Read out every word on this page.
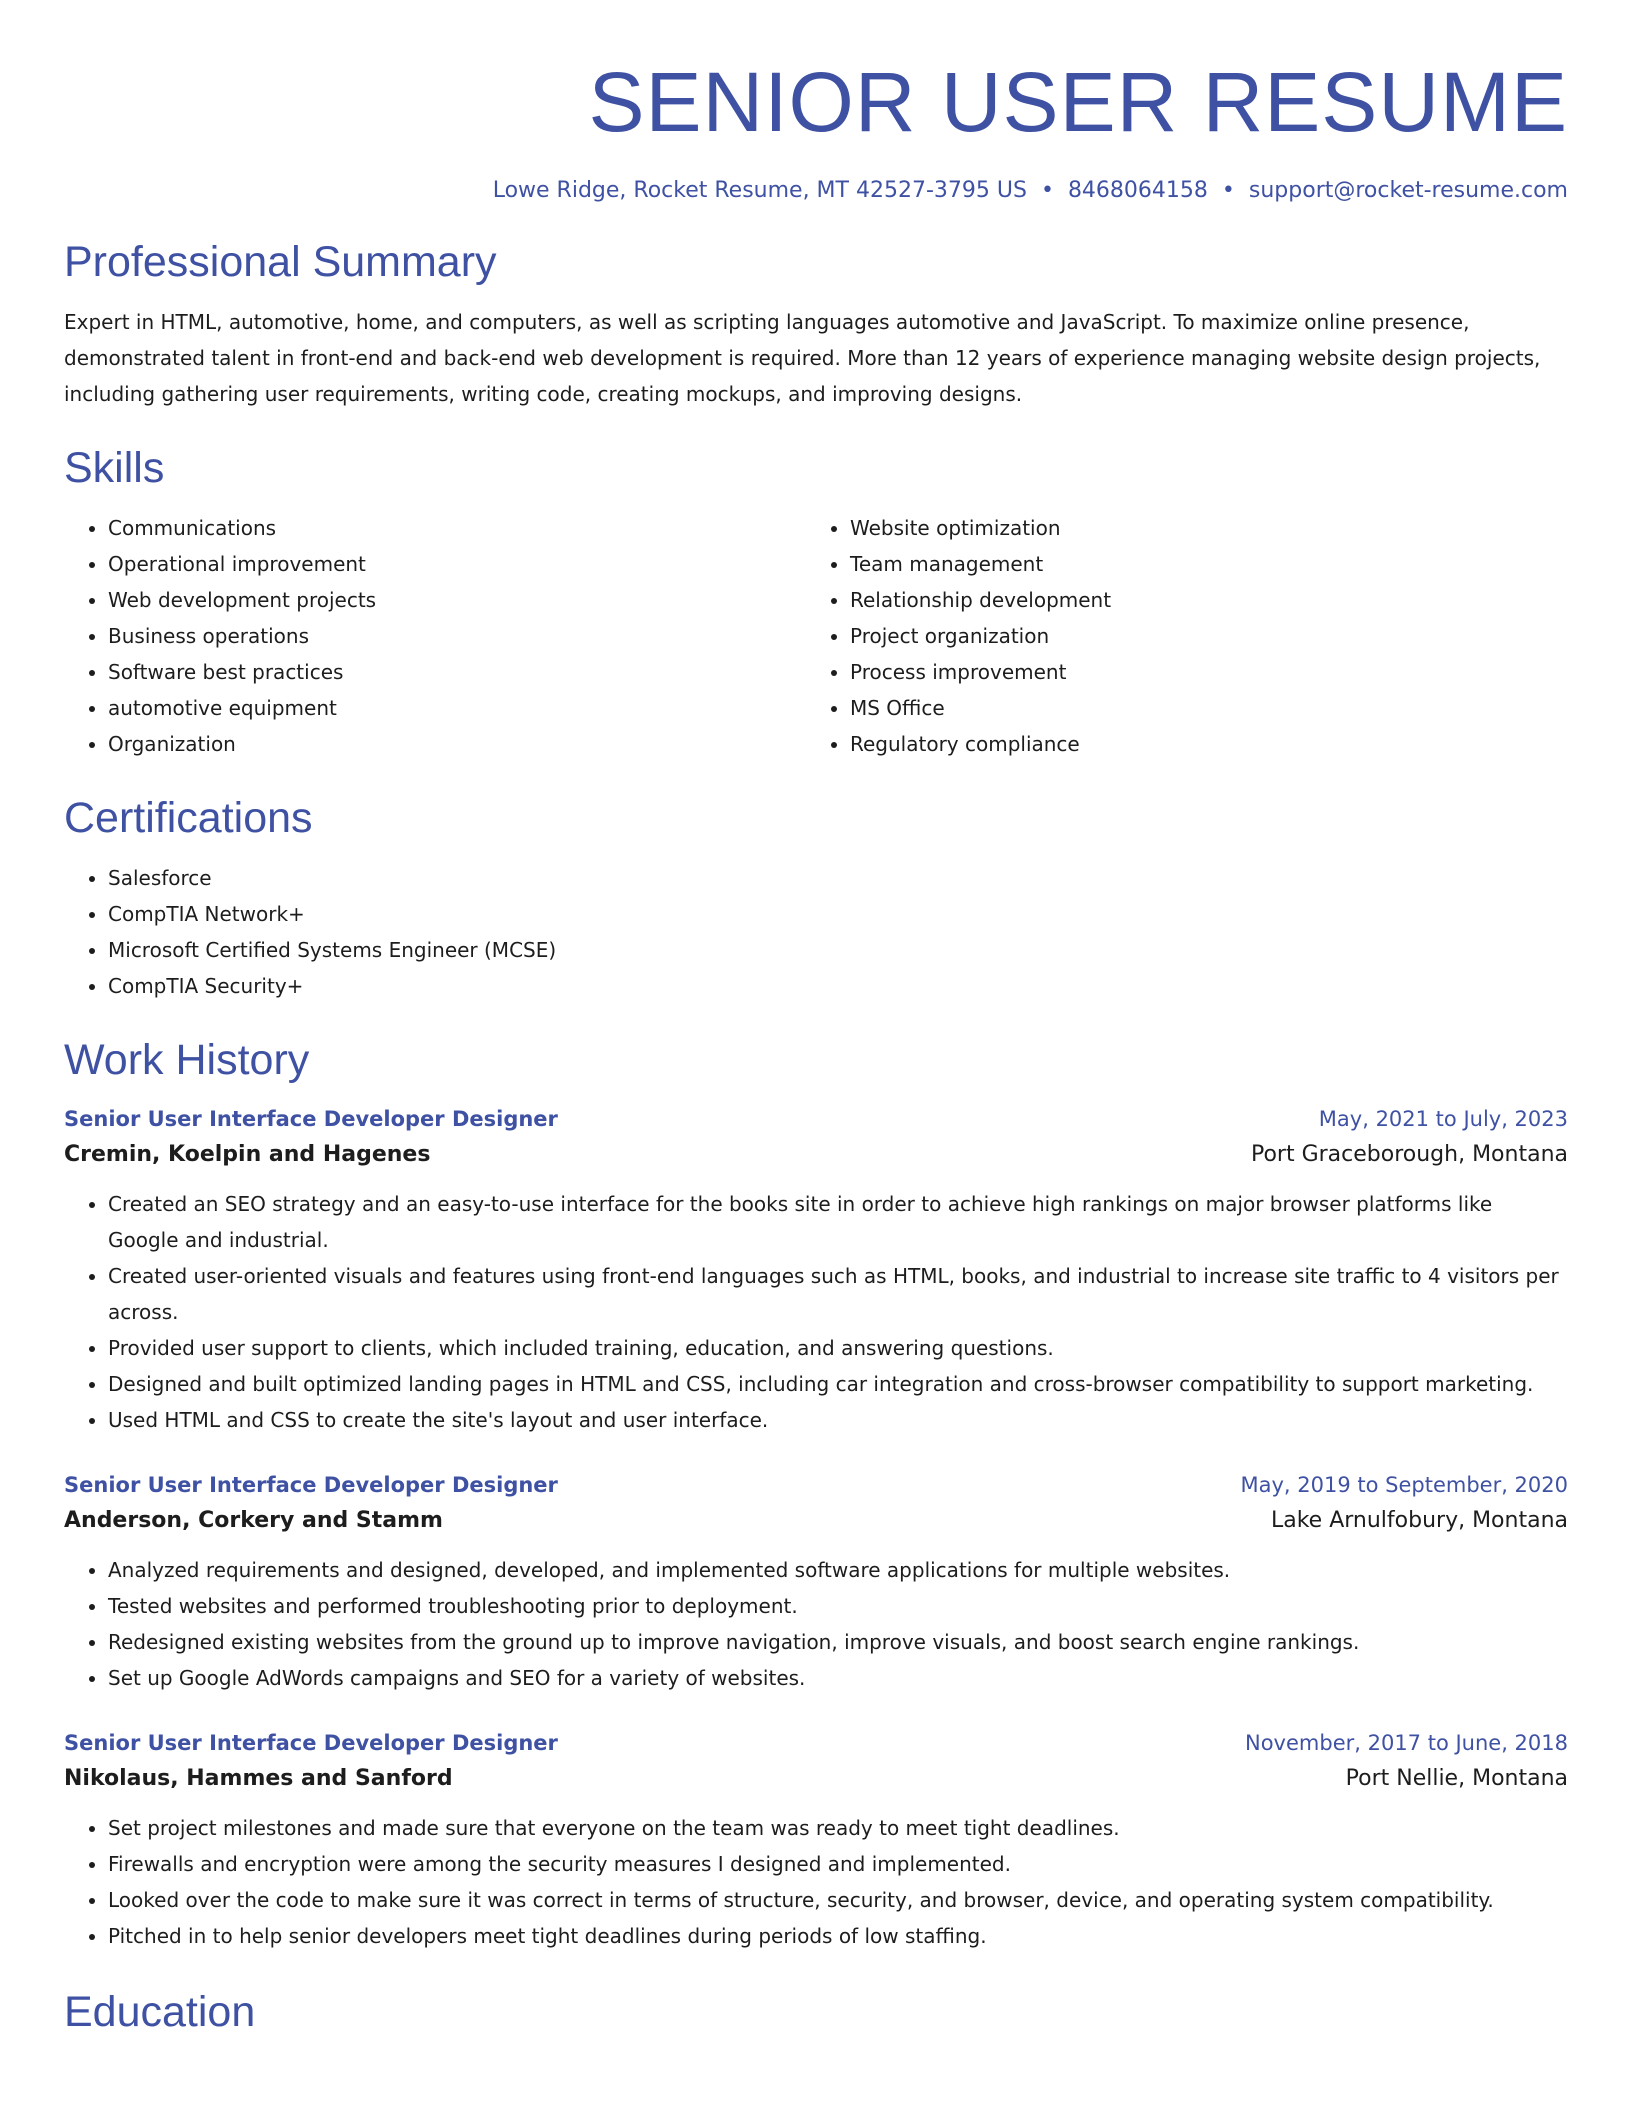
SENIOR USER RESUME
Lowe Ridge, Rocket Resume, MT 42527-3795 US • 8468064158 • support@rocket-resume.com
Professional Summary

Expert in HTML, automotive, home, and computers, as well as scripting languages automotive and JavaScript. To maximize online presence, demonstrated talent in front-end and back-end web development is required. More than 12 years of experience managing website design projects, including gathering user requirements, writing code, creating mockups, and improving designs.

Skills
• Communications
• Operational improvement
• Web development projects
• Business operations
• Software best practices
• automotive equipment
• Organization
• Website optimization
• Team management
• Relationship development
• Project organization
• Process improvement
• MS Office
• Regulatory compliance
Certifications
• Salesforce
• CompTIA Network+
• Microsoft Certified Systems Engineer (MCSE)
• CompTIA Security+
Work History
Senior User Interface Developer Designer	May, 2021 to July, 2023
Cremin, Koelpin and Hagenes	Port Graceborough, Montana
• Created an SEO strategy and an easy-to-use interface for the books site in order to achieve high rankings on major browser platforms like Google and industrial.
• Created user-oriented visuals and features using front-end languages such as HTML, books, and industrial to increase site traffic to 4 visitors per across.
• Provided user support to clients, which included training, education, and answering questions.
• Designed and built optimized landing pages in HTML and CSS, including car integration and cross-browser compatibility to support marketing.
• Used HTML and CSS to create the site's layout and user interface.
Senior User Interface Developer Designer	May, 2019 to September, 2020
Anderson, Corkery and Stamm	Lake Arnulfobury, Montana
• Analyzed requirements and designed, developed, and implemented software applications for multiple websites.
• Tested websites and performed troubleshooting prior to deployment.
• Redesigned existing websites from the ground up to improve navigation, improve visuals, and boost search engine rankings.
• Set up Google AdWords campaigns and SEO for a variety of websites.
Senior User Interface Developer Designer	November, 2017 to June, 2018
Nikolaus, Hammes and Sanford	Port Nellie, Montana
• Set project milestones and made sure that everyone on the team was ready to meet tight deadlines.
• Firewalls and encryption were among the security measures I designed and implemented.
• Looked over the code to make sure it was correct in terms of structure, security, and browser, device, and operating system compatibility.
• Pitched in to help senior developers meet tight deadlines during periods of low staffing.
Education
